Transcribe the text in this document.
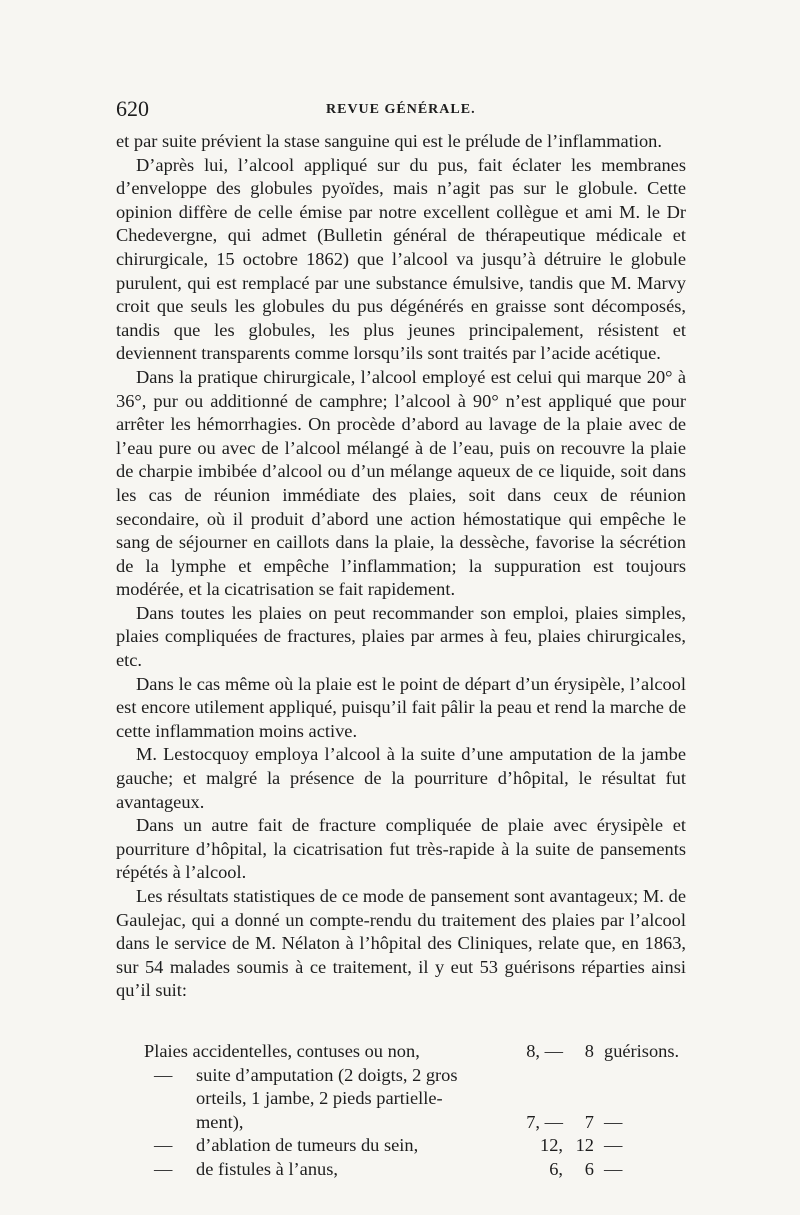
620	REVUE GÉNÉRALE.

et par suite prévient la stase sanguine qui est le prélude de l’inflammation.

D’après lui, l’alcool appliqué sur du pus, fait éclater les membranes d’enveloppe des globules pyoïdes, mais n’agit pas sur le globule. Cette opinion diffère de celle émise par notre excellent collègue et ami M. le Dr Chedevergne, qui admet (Bulletin général de thérapeutique médicale et chirurgicale, 15 octobre 1862) que l’alcool va jusqu’à détruire le globule purulent, qui est remplacé par une substance émulsive, tandis que M. Marvy croit que seuls les globules du pus dégénérés en graisse sont décomposés, tandis que les globules, les plus jeunes principalement, résistent et deviennent transparents comme lorsqu’ils sont traités par l’acide acétique.

Dans la pratique chirurgicale, l’alcool employé est celui qui marque 20° à 36°, pur ou additionné de camphre; l’alcool à 90° n’est appliqué que pour arrêter les hémorrhagies. On procède d’abord au lavage de la plaie avec de l’eau pure ou avec de l’alcool mélangé à de l’eau, puis on recouvre la plaie de charpie imbibée d’alcool ou d’un mélange aqueux de ce liquide, soit dans les cas de réunion immédiate des plaies, soit dans ceux de réunion secondaire, où il produit d’abord une action hémostatique qui empêche le sang de séjourner en caillots dans la plaie, la dessèche, favorise la sécrétion de la lymphe et empêche l’inflammation; la suppuration est toujours modérée, et la cicatrisation se fait rapidement.

Dans toutes les plaies on peut recommander son emploi, plaies simples, plaies compliquées de fractures, plaies par armes à feu, plaies chirurgicales, etc.

Dans le cas même où la plaie est le point de départ d’un érysipèle, l’alcool est encore utilement appliqué, puisqu’il fait pâlir la peau et rend la marche de cette inflammation moins active.

M. Lestocquoy employa l’alcool à la suite d’une amputation de la jambe gauche; et malgré la présence de la pourriture d’hôpital, le résultat fut avantageux.

Dans un autre fait de fracture compliquée de plaie avec érysipèle et pourriture d’hôpital, la cicatrisation fut très-rapide à la suite de pansements répétés à l’alcool.

Les résultats statistiques de ce mode de pansement sont avantageux; M. de Gaulejac, qui a donné un compte-rendu du traitement des plaies par l’alcool dans le service de M. Nélaton à l’hôpital des Cliniques, relate que, en 1863, sur 54 malades soumis à ce traitement, il y eut 53 guérisons réparties ainsi qu’il suit:

Plaies accidentelles, contuses ou non,	8, —	8 guérisons.
— suite d’amputation (2 doigts, 2 gros
orteils, 1 jambe, 2 pieds partielle-
ment),	7, —	7 —
— d’ablation de tumeurs du sein,	12, 12 —
— de fistules à l’anus,	6,	6 —
